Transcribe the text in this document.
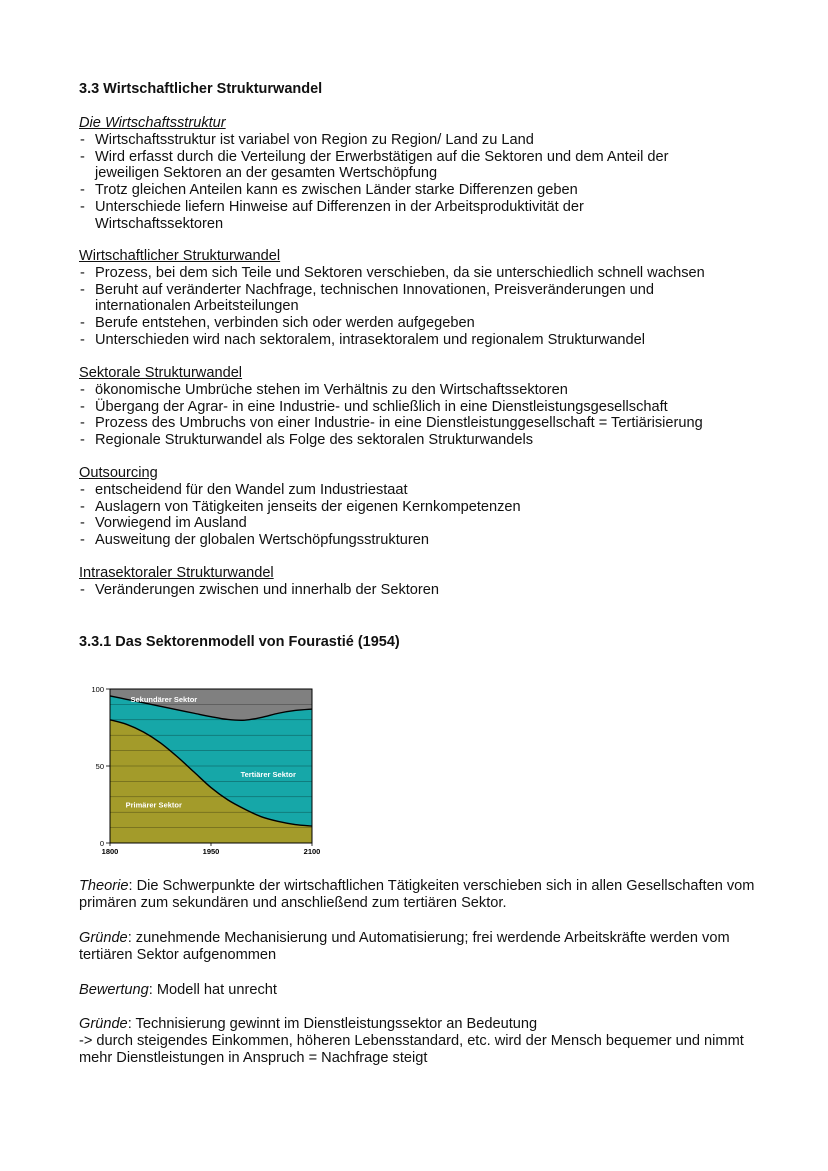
3.3 Wirtschaftlicher Strukturwandel
Die Wirtschaftsstruktur
- Wirtschaftsstruktur ist variabel von Region zu Region/ Land zu Land
- Wird erfasst durch die Verteilung der Erwerbstätigen auf die Sektoren und dem Anteil der jeweiligen Sektoren an der gesamten Wertschöpfung
- Trotz gleichen Anteilen kann es zwischen Länder starke Differenzen geben
- Unterschiede liefern Hinweise auf Differenzen in der Arbeitsproduktivität der Wirtschaftssektoren
Wirtschaftlicher Strukturwandel
- Prozess, bei dem sich Teile und Sektoren verschieben, da sie unterschiedlich schnell wachsen
- Beruht auf veränderter Nachfrage, technischen Innovationen, Preisveränderungen und internationalen Arbeitsteilungen
- Berufe entstehen, verbinden sich oder werden aufgegeben
- Unterschieden wird nach sektoralem, intrasektoralem und regionalem Strukturwandel
Sektorale Strukturwandel
- ökonomische Umbrüche stehen im Verhältnis zu den Wirtschaftssektoren
- Übergang der Agrar- in eine Industrie- und schließlich in eine Dienstleistungsgesellschaft
- Prozess des Umbruchs von einer Industrie- in eine Dienstleistunggesellschaft = Tertiärisierung
- Regionale Strukturwandel als Folge des sektoralen Strukturwandels
Outsourcing
- entscheidend für den Wandel zum Industriestaat
- Auslagern von Tätigkeiten jenseits der eigenen Kernkompetenzen
- Vorwiegend im Ausland
- Ausweitung der globalen Wertschöpfungsstrukturen
Intrasektoraler Strukturwandel
- Veränderungen zwischen und innerhalb der Sektoren
3.3.1 Das Sektorenmodell von Fourastié (1954)
0
50
100
1800	1950	2100
Sekundärer Sektor
Tertiärer Sektor
Primärer Sektor
Theorie: Die Schwerpunkte der wirtschaftlichen Tätigkeiten verschieben sich in allen Gesellschaften vom primären zum sekundären und anschließend zum tertiären Sektor.
Gründe: zunehmende Mechanisierung und Automatisierung; frei werdende Arbeitskräfte werden vom tertiären Sektor aufgenommen
Bewertung: Modell hat unrecht
Gründe: Technisierung gewinnt im Dienstleistungssektor an Bedeutung
-> durch steigendes Einkommen, höheren Lebensstandard, etc. wird der Mensch bequemer und nimmt mehr Dienstleistungen in Anspruch = Nachfrage steigt
